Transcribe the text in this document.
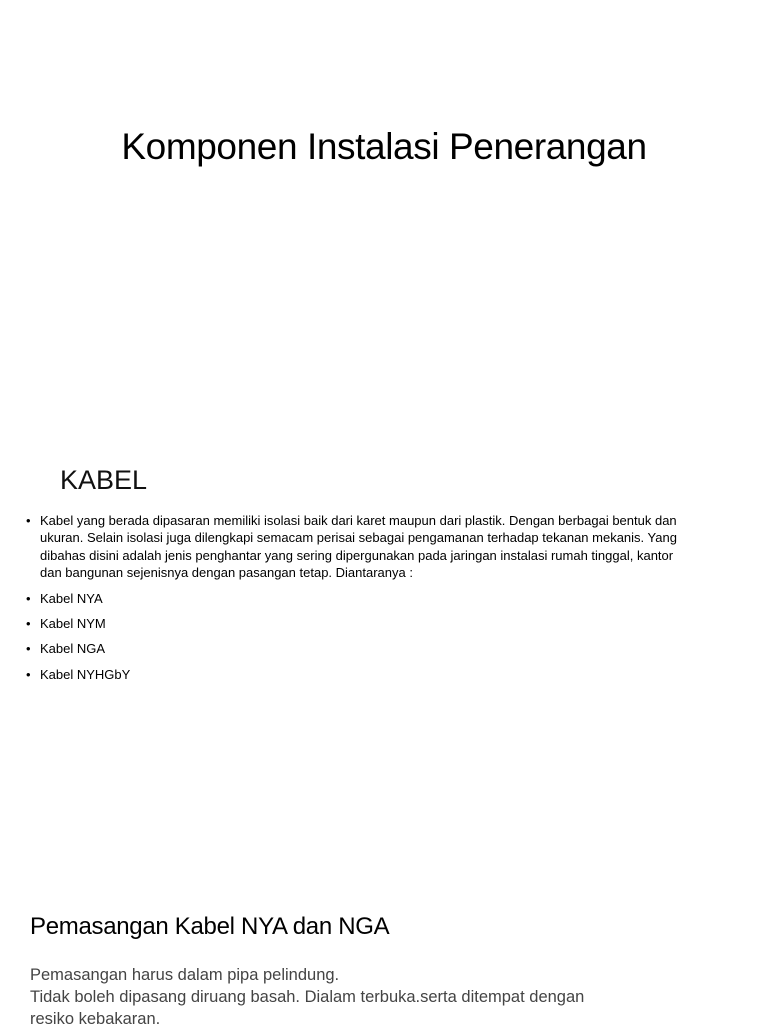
Komponen Instalasi Penerangan
KABEL
• Kabel yang berada dipasaran memiliki isolasi baik dari karet maupun dari plastik. Dengan berbagai bentuk dan ukuran. Selain isolasi juga dilengkapi semacam perisai sebagai pengamanan terhadap tekanan mekanis. Yang dibahas disini adalah jenis penghantar yang sering dipergunakan pada jaringan instalasi rumah tinggal, kantor dan bangunan sejenisnya dengan pasangan tetap. Diantaranya :
• Kabel NYA
• Kabel NYM
• Kabel NGA
• Kabel NYHGbY
Pemasangan Kabel NYA dan NGA
Pemasangan harus dalam pipa pelindung.
Tidak boleh dipasang diruang basah. Dialam terbuka.serta ditempat dengan
resiko kebakaran.
